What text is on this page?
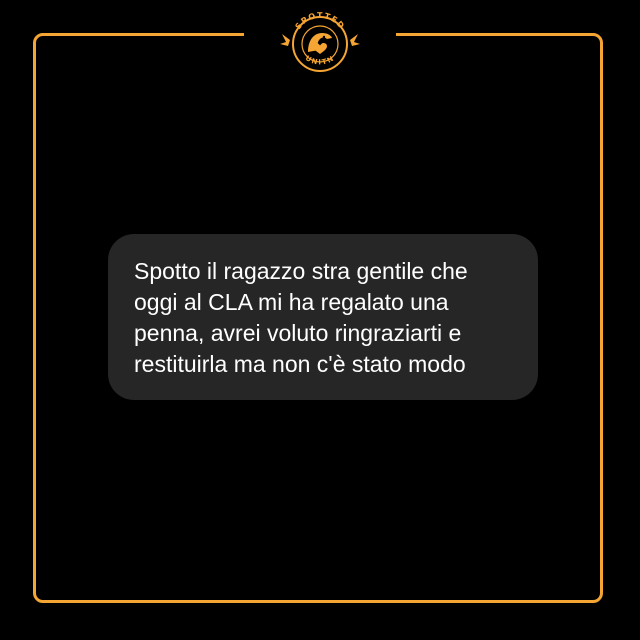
SPOTTED
UNITN

Spotto il ragazzo stra gentile che
oggi al CLA mi ha regalato una
penna, avrei voluto ringraziarti e
restituirla ma non c'è stato modo
